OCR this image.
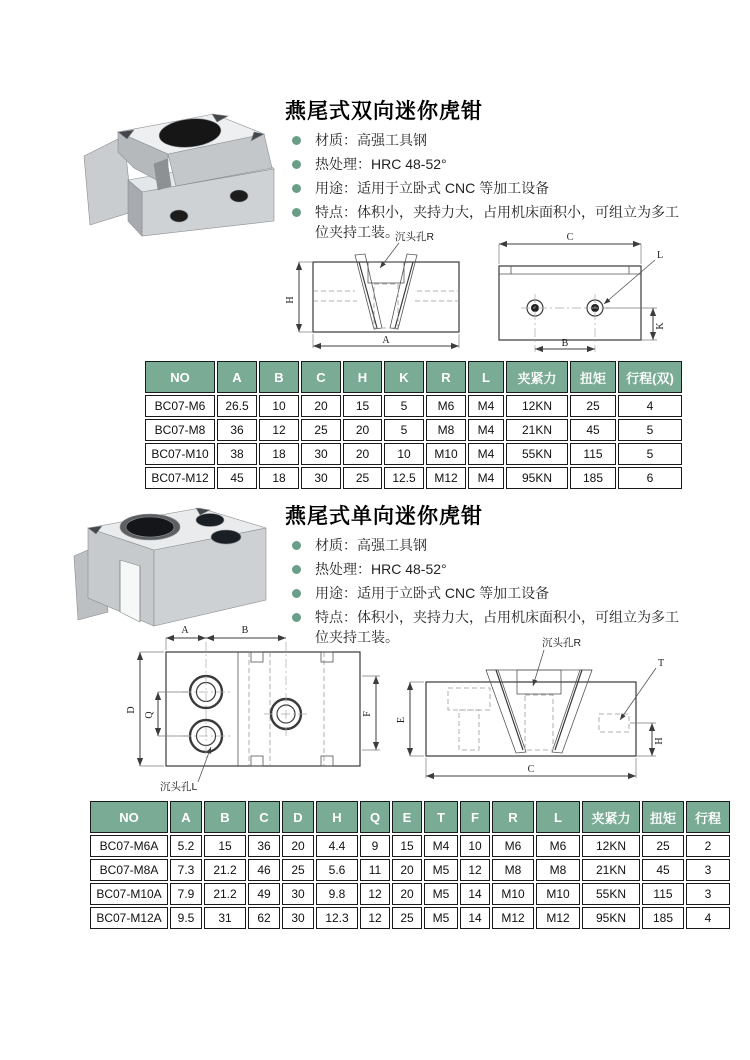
燕尾式双向迷你虎钳
材质：高强工具钢
热处理：HRC 48-52°
用途：适用于立卧式 CNC 等加工设备
特点：体积小，夹持力大，占用机床面积小，可组立为多工位夹持工装。
H
A
沉头孔R	C
L
K
B
NO	A	B	C	H	K	R	L	夹紧力	扭矩	行程(双)
BC07-M6	26.5	10	20	15	5	M6	M4	12KN	25	4
BC07-M8	36	12	25	20	5	M8	M4	21KN	45	5
BC07-M10	38	18	30	20	10	M10	M4	55KN	115	5
BC07-M12	45	18	30	25	12.5	M12	M4	95KN	185	6
燕尾式单向迷你虎钳
材质：高强工具钢
热处理：HRC 48-52°
用途：适用于立卧式 CNC 等加工设备
特点：体积小，夹持力大，占用机床面积小，可组立为多工位夹持工装。
A	B
D
Q	F
沉头孔L
沉头孔R
T
E
H
C
NO	A	B	C	D	H	Q	E	T	F	R	L	夹紧力	扭矩	行程
BC07-M6A	5.2	15	36	20	4.4	9	15	M4	10	M6	M6	12KN	25	2
BC07-M8A	7.3	21.2	46	25	5.6	11	20	M5	12	M8	M8	21KN	45	3
BC07-M10A	7.9	21.2	49	30	9.8	12	20	M5	14	M10	M10	55KN	115	3
BC07-M12A	9.5	31	62	30	12.3	12	25	M5	14	M12	M12	95KN	185	4
